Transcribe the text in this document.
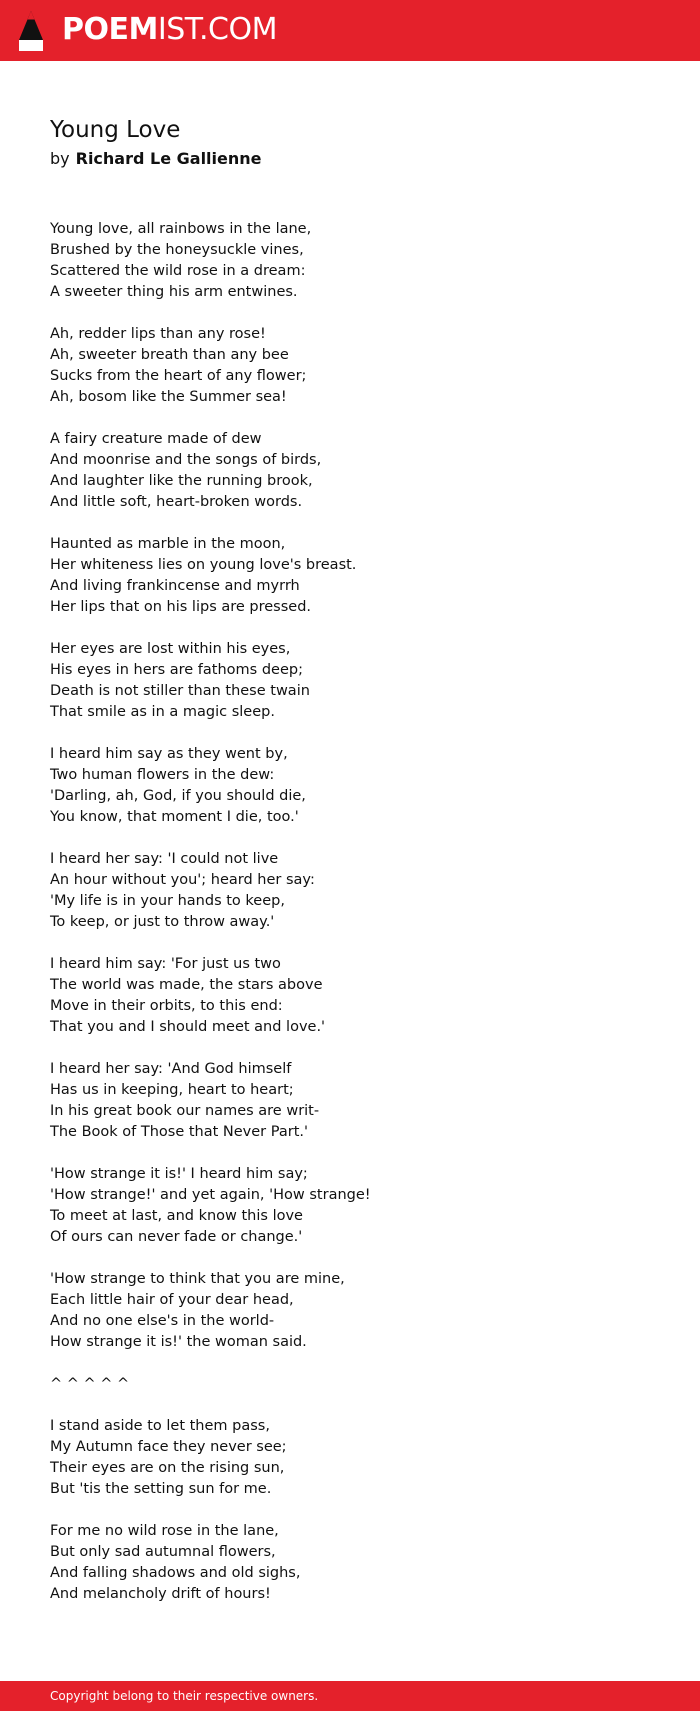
POEMIST.COM
Young Love
by Richard Le Gallienne
Young love, all rainbows in the lane,
Brushed by the honeysuckle vines,
Scattered the wild rose in a dream:
A sweeter thing his arm entwines.
Ah, redder lips than any rose!
Ah, sweeter breath than any bee
Sucks from the heart of any flower;
Ah, bosom like the Summer sea!
A fairy creature made of dew
And moonrise and the songs of birds,
And laughter like the running brook,
And little soft, heart-broken words.
Haunted as marble in the moon,
Her whiteness lies on young love's breast.
And living frankincense and myrrh
Her lips that on his lips are pressed.
Her eyes are lost within his eyes,
His eyes in hers are fathoms deep;
Death is not stiller than these twain
That smile as in a magic sleep.
I heard him say as they went by,
Two human flowers in the dew:
'Darling, ah, God, if you should die,
You know, that moment I die, too.'
I heard her say: 'I could not live
An hour without you'; heard her say:
'My life is in your hands to keep,
To keep, or just to throw away.'
I heard him say: 'For just us two
The world was made, the stars above
Move in their orbits, to this end:
That you and I should meet and love.'
I heard her say: 'And God himself
Has us in keeping, heart to heart;
In his great book our names are writ-
The Book of Those that Never Part.'
'How strange it is!' I heard him say;
'How strange!' and yet again, 'How strange!
To meet at last, and know this love
Of ours can never fade or change.'
'How strange to think that you are mine,
Each little hair of your dear head,
And no one else's in the world-
How strange it is!' the woman said.
^ ^ ^ ^ ^
I stand aside to let them pass,
My Autumn face they never see;
Their eyes are on the rising sun,
But 'tis the setting sun for me.
For me no wild rose in the lane,
But only sad autumnal flowers,
And falling shadows and old sighs,
And melancholy drift of hours!
Copyright belong to their respective owners.
